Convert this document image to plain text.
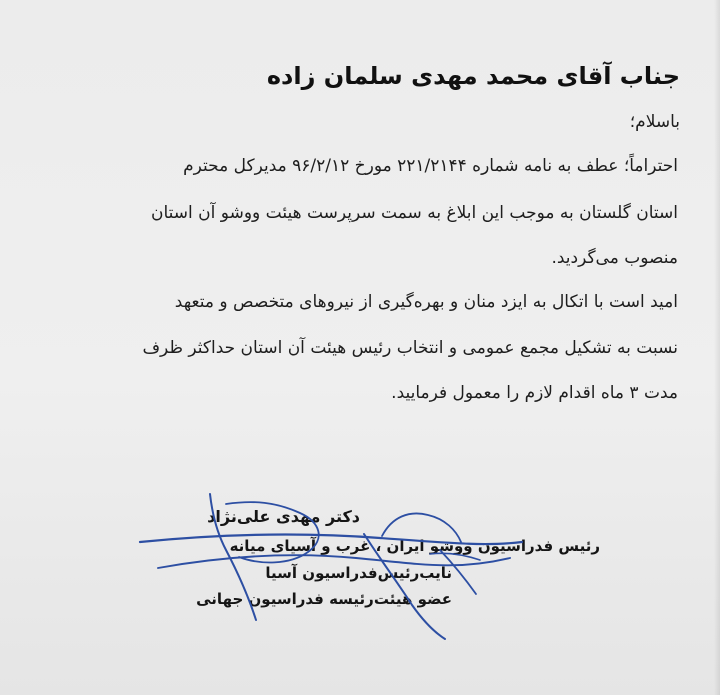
جناب آقای محمد مهدی سلمان زاده
باسلام؛
احتراماً؛ عطف به نامه شماره ۲۲۱/۲۱۴۴ مورخ ۹۶/۲/۱۲ مدیرکل محترم
استان گلستان به موجب این ابلاغ به سمت سرپرست هیئت ووشو آن استان
منصوب می‌گردید.
امید است با اتکال به ایزد منان و بهره‌گیری از نیروهای متخصص و متعهد
نسبت به تشکیل مجمع عمومی و انتخاب رئیس هیئت آن استان حداکثر ظرف
مدت ۳ ماه اقدام لازم را معمول فرمایید.
دکتر مهدی علی‌نژاد
رئیس فدراسیون ووشو ایران ، غرب و آسیای میانه
نایب‌رئیس‌فدراسیون آسیا
عضو هیئت‌رئیسه فدراسیون جهانی
